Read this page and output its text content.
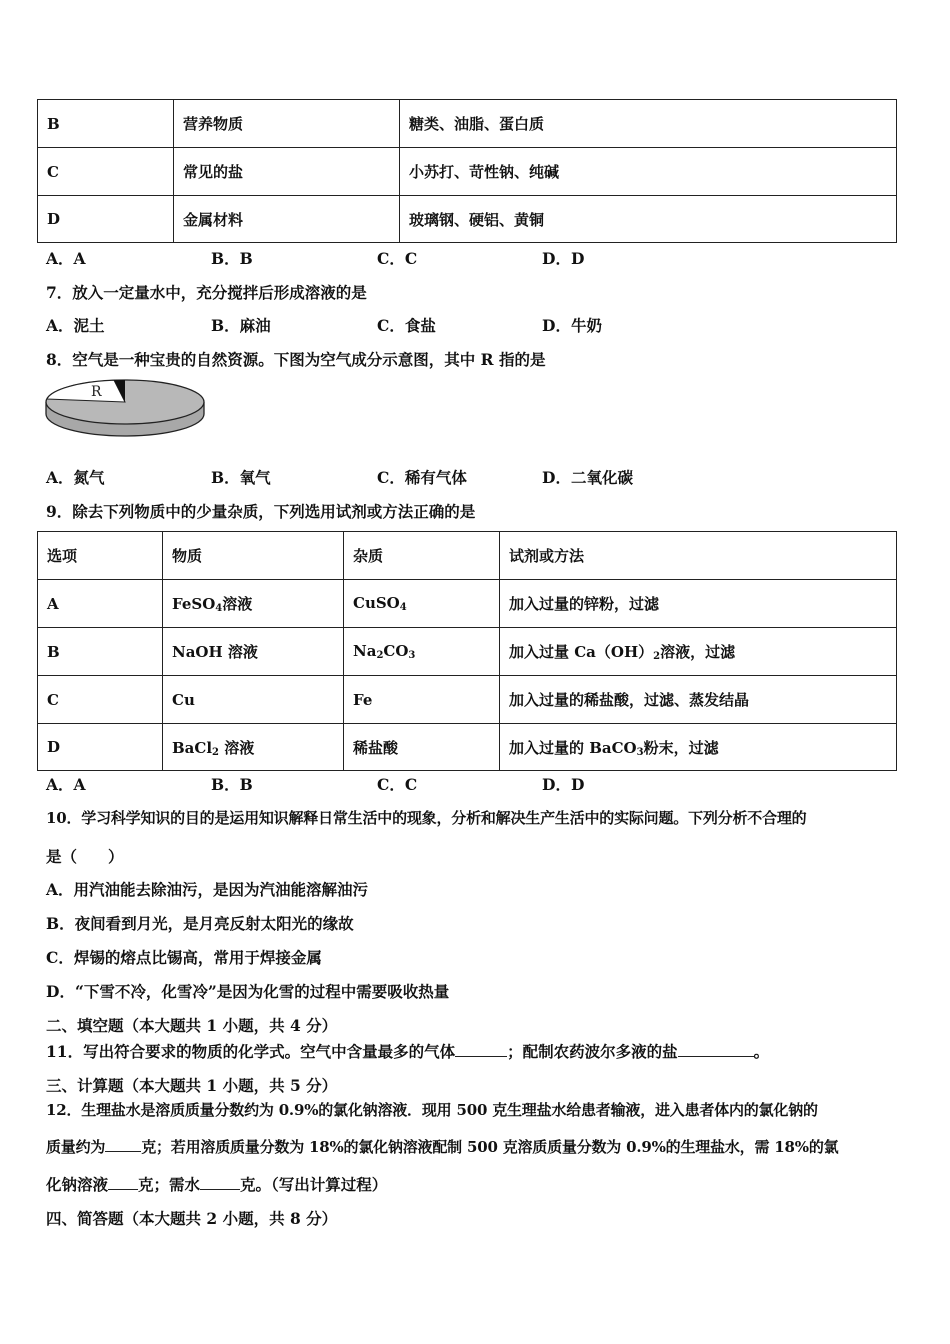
B	营养物质	糖类、油脂、蛋白质
C	常见的盐	小苏打、苛性钠、纯碱
D	金属材料	玻璃钢、硬铝、黄铜
A．A	B．B	C．C	D．D
7．放入一定量水中，充分搅拌后形成溶液的是
A．泥土	B．麻油	C．食盐	D．牛奶
8．空气是一种宝贵的自然资源。下图为空气成分示意图，其中 R 指的是
R
A．氮气	B．氧气	C．稀有气体	D．二氧化碳
9．除去下列物质中的少量杂质，下列选用试剂或方法正确的是
选项	物质	杂质	试剂或方法
A	FeSO$_4$溶液	CuSO$_4$	加入过量的锌粉，过滤
B	NaOH 溶液	$Na_2CO_3$	加入过量 $Ca(OH)_2$溶液，过滤
C	Cu	Fe	加入过量的稀盐酸，过滤、蒸发结晶
D	BaCl$_2$ 溶液	稀盐酸	加入过量的 BaCO$_3$粉末，过滤
A．A	B．B	C．C	D．D
10．学习科学知识的目的是运用知识解释日常生活中的现象，分析和解决生产生活中的实际问题。下列分析不合理的
是（　　）
A．用汽油能去除油污，是因为汽油能溶解油污
B．夜间看到月光，是月亮反射太阳光的缘故
C．焊锡的熔点比锡高，常用于焊接金属
D．“下雪不冷，化雪冷”是因为化雪的过程中需要吸收热量
二、填空题（本大题共 1 小题，共 4 分）
11．写出符合要求的物质的化学式。空气中含量最多的气体	；配制农药波尔多液的盐	。
三、计算题（本大题共 1 小题，共 5 分）
12．生理盐水是溶质质量分数约为 0.9%的氯化钠溶液．现用 500 克生理盐水给患者输液，进入患者体内的氯化钠的
质量约为 克；若用溶质质量分数为 18%的氯化钠溶液配制 500 克溶质质量分数为 0.9%的生理盐水，需 18%的氯
化钠溶液 克；需水	克。（写出计算过程）
四、简答题（本大题共 2 小题，共 8 分）
